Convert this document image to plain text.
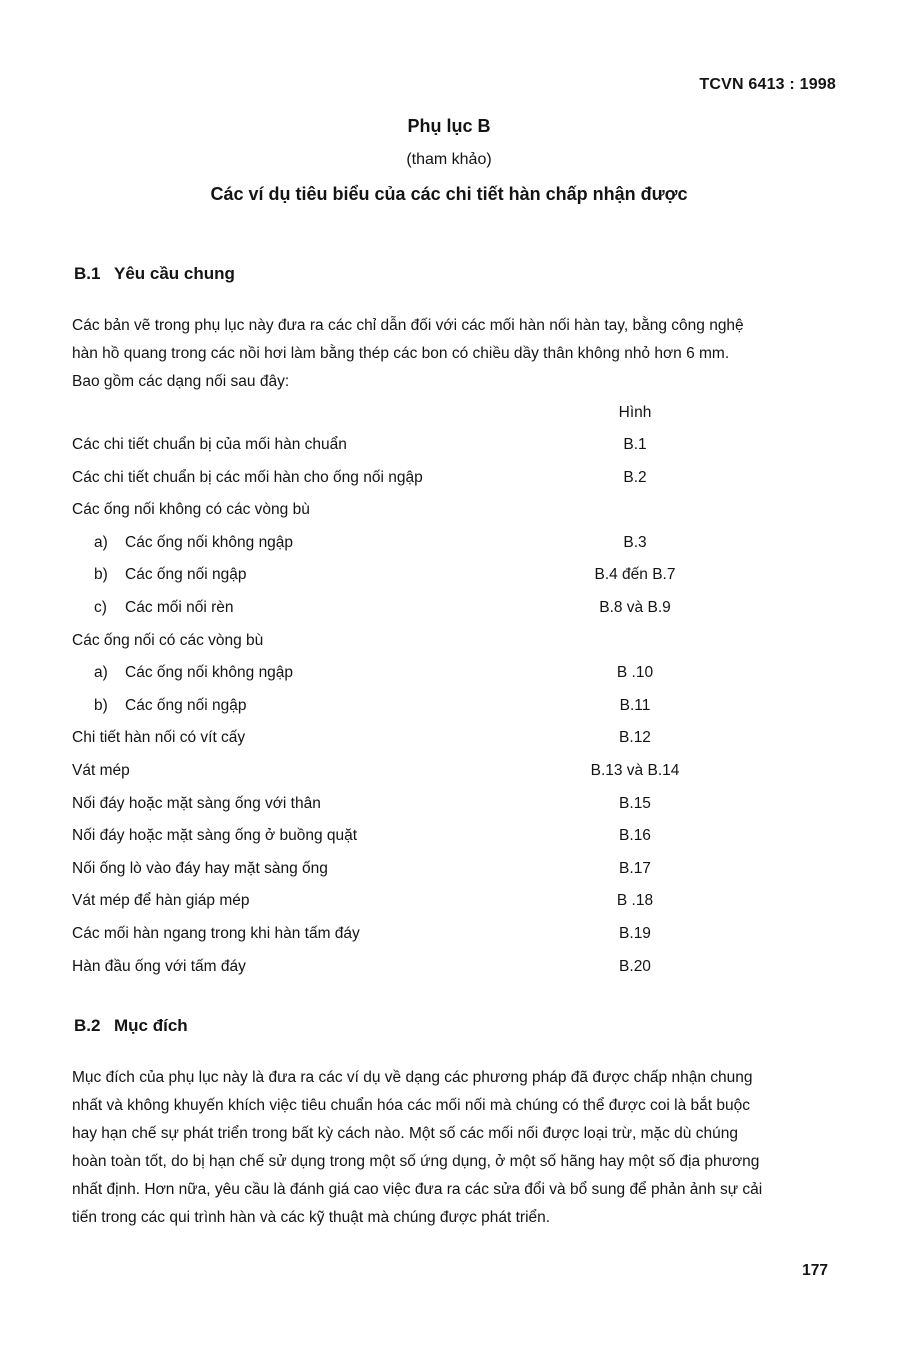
TCVN 6413 : 1998
Phụ lục B
(tham khảo)
Các ví dụ tiêu biểu của các chi tiết hàn chấp nhận được
B.1 Yêu cầu chung
Các bản vẽ trong phụ lục này đưa ra các chỉ dẫn đối với các mối hàn nối hàn tay, bằng công nghệ
hàn hồ quang trong các nồi hơi làm bằng thép các bon có chiều dầy thân không nhỏ hơn 6 mm.
Bao gồm các dạng nối sau đây:
Hình
Các chi tiết chuẩn bị của mối hàn chuẩn	B.1
Các chi tiết chuẩn bị các mối hàn cho ống nối ngập	B.2
Các ống nối không có các vòng bù
a) Các ống nối không ngập	B.3
b) Các ống nối ngập	B.4 đến B.7
c) Các mối nối rèn	B.8 và B.9
Các ống nối có các vòng bù
a) Các ống nối không ngập	B .10
b) Các ống nối ngập	B.11
Chi tiết hàn nối có vít cấy	B.12
Vát mép	B.13 và B.14
Nối đáy hoặc mặt sàng ống với thân	B.15
Nối đáy hoặc mặt sàng ống ở buồng quặt	B.16
Nối ống lò vào đáy hay mặt sàng ống	B.17
Vát mép để hàn giáp mép	B .18
Các mối hàn ngang trong khi hàn tấm đáy	B.19
Hàn đầu ống với tấm đáy	B.20
B.2 Mục đích
Mục đích của phụ lục này là đưa ra các ví dụ về dạng các phương pháp đã được chấp nhận chung
nhất và không khuyến khích việc tiêu chuẩn hóa các mối nối mà chúng có thể được coi là bắt buộc
hay hạn chế sự phát triển trong bất kỳ cách nào. Một số các mối nối được loại trừ, mặc dù chúng
hoàn toàn tốt, do bị hạn chế sử dụng trong một số ứng dụng, ở một số hãng hay một số địa phương
nhất định. Hơn nữa, yêu cầu là đánh giá cao việc đưa ra các sửa đổi và bổ sung để phản ảnh sự cải
tiến trong các qui trình hàn và các kỹ thuật mà chúng được phát triển.
177
